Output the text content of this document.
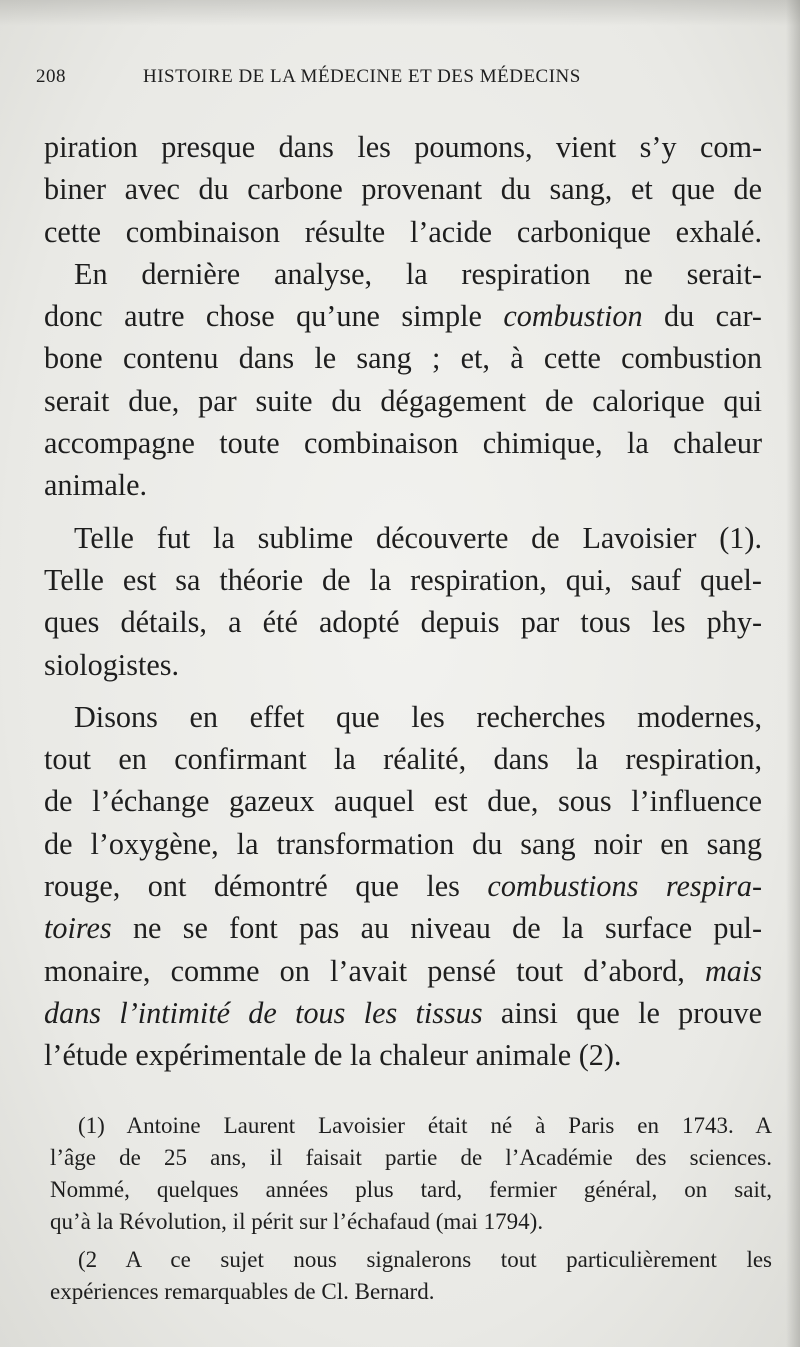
208	HISTOIRE DE LA MÉDECINE ET DES MÉDECINS

piration presque dans les poumons, vient s’y com-
biner avec du carbone provenant du sang, et que de
cette combinaison résulte l’acide carbonique exhalé.

En dernière analyse, la respiration ne serait-
donc autre chose qu’une simple combustion du car-
bone contenu dans le sang ; et, à cette combustion
serait due, par suite du dégagement de calorique qui
accompagne toute combinaison chimique, la chaleur
animale.

Telle fut la sublime découverte de Lavoisier (1).
Telle est sa théorie de la respiration, qui, sauf quel-
ques détails, a été adopté depuis par tous les phy-
siologistes.

Disons en effet que les recherches modernes,
tout en confirmant la réalité, dans la respiration,
de l’échange gazeux auquel est due, sous l’influence
de l’oxygène, la transformation du sang noir en sang
rouge, ont démontré que les combustions respira-
toires ne se font pas au niveau de la surface pul-
monaire, comme on l’avait pensé tout d’abord, mais
dans l’intimité de tous les tissus ainsi que le prouve
l’étude expérimentale de la chaleur animale (2).

(1) Antoine Laurent Lavoisier était né à Paris en 1743. A
l’âge de 25 ans, il faisait partie de l’Académie des sciences.
Nommé, quelques années plus tard, fermier général, on sait,
qu’à la Révolution, il périt sur l’échafaud (mai 1794).
(2 A ce sujet nous signalerons tout particulièrement les
expériences remarquables de Cl. Bernard.
